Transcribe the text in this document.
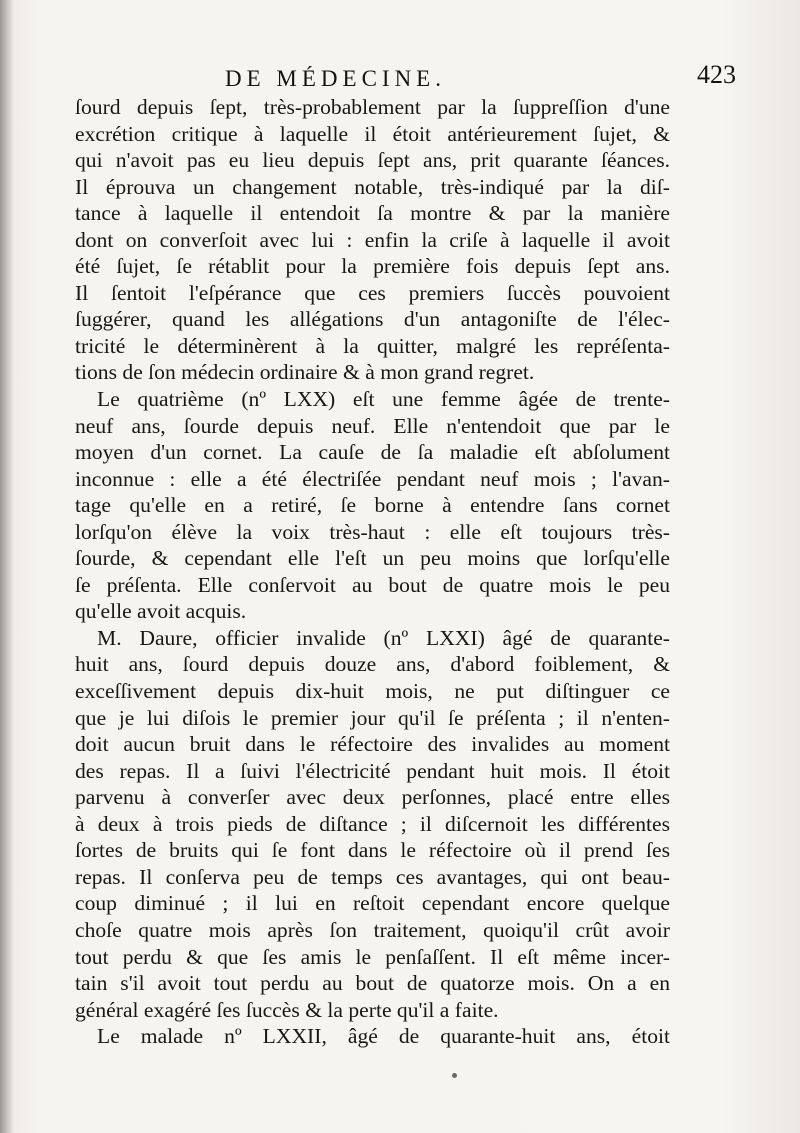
DE MÉDECINE.	423
ſourd depuis ſept, très-probablement par la ſuppreſſion d'une
excrétion critique à laquelle il étoit antérieurement ſujet, &
qui n'avoit pas eu lieu depuis ſept ans, prit quarante ſéances.
Il éprouva un changement notable, très-indiqué par la diſ-
tance à laquelle il entendoit ſa montre & par la manière
dont on converſoit avec lui : enfin la criſe à laquelle il avoit
été ſujet, ſe rétablit pour la première fois depuis ſept ans.
Il ſentoit l'eſpérance que ces premiers ſuccès pouvoient
ſuggérer, quand les allégations d'un antagoniſte de l'élec-
tricité le déterminèrent à la quitter, malgré les repréſenta-
tions de ſon médecin ordinaire & à mon grand regret.
Le quatrième (nº LXX) eſt une femme âgée de trente-
neuf ans, ſourde depuis neuf. Elle n'entendoit que par le
moyen d'un cornet. La cauſe de ſa maladie eſt abſolument
inconnue : elle a été électriſée pendant neuf mois ; l'avan-
tage qu'elle en a retiré, ſe borne à entendre ſans cornet
lorſqu'on élève la voix très-haut : elle eſt toujours très-
ſourde, & cependant elle l'eſt un peu moins que lorſqu'elle
ſe préſenta. Elle conſervoit au bout de quatre mois le peu
qu'elle avoit acquis.
M. Daure, officier invalide (nº LXXI) âgé de quarante-
huit ans, ſourd depuis douze ans, d'abord foiblement, &
exceſſivement depuis dix-huit mois, ne put diſtinguer ce
que je lui diſois le premier jour qu'il ſe préſenta ; il n'enten-
doit aucun bruit dans le réfectoire des invalides au moment
des repas. Il a ſuivi l'électricité pendant huit mois. Il étoit
parvenu à converſer avec deux perſonnes, placé entre elles
à deux à trois pieds de diſtance ; il diſcernoit les différentes
ſortes de bruits qui ſe font dans le réfectoire où il prend ſes
repas. Il conſerva peu de temps ces avantages, qui ont beau-
coup diminué ; il lui en reſtoit cependant encore quelque
choſe quatre mois après ſon traitement, quoiqu'il crût avoir
tout perdu & que ſes amis le penſaſſent. Il eſt même incer-
tain s'il avoit tout perdu au bout de quatorze mois. On a en
général exagéré ſes ſuccès & la perte qu'il a faite.
Le malade nº LXXII, âgé de quarante-huit ans, étoit
